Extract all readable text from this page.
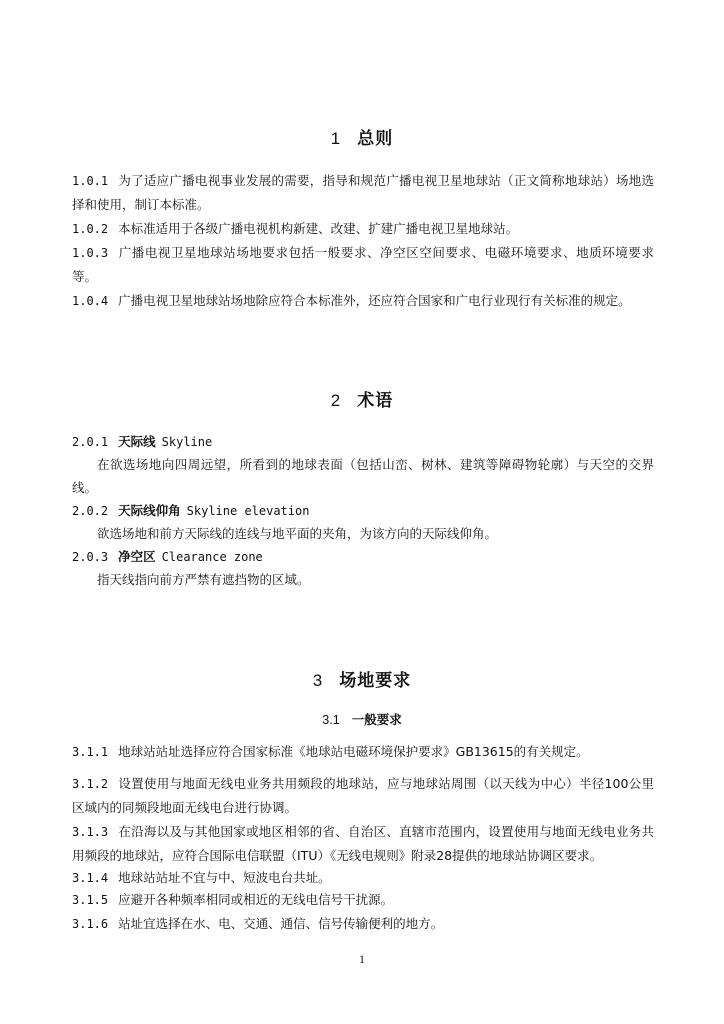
1 总则
1.0.1 为了适应广播电视事业发展的需要，指导和规范广播电视卫星地球站（正文简称地球站）场地选择和使用，制订本标准。
1.0.2 本标准适用于各级广播电视机构新建、改建、扩建广播电视卫星地球站。
1.0.3 广播电视卫星地球站场地要求包括一般要求、净空区空间要求、电磁环境要求、地质环境要求等。
1.0.4 广播电视卫星地球站场地除应符合本标准外，还应符合国家和广电行业现行有关标准的规定。
2 术语
2.0.1 天际线 Skyline
在欲选场地向四周远望，所看到的地球表面（包括山峦、树林、建筑等障碍物轮廓）与天空的交界线。
2.0.2 天际线仰角 Skyline elevation
欲选场地和前方天际线的连线与地平面的夹角，为该方向的天际线仰角。
2.0.3 净空区 Clearance zone
指天线指向前方严禁有遮挡物的区域。
3 场地要求
3.1 一般要求
3.1.1 地球站站址选择应符合国家标准《地球站电磁环境保护要求》GB13615的有关规定。
3.1.2 设置使用与地面无线电业务共用频段的地球站，应与地球站周围（以天线为中心）半径100公里区域内的同频段地面无线电台进行协调。
3.1.3 在沿海以及与其他国家或地区相邻的省、自治区、直辖市范围内，设置使用与地面无线电业务共用频段的地球站，应符合国际电信联盟（ITU）《无线电规则》附录28提供的地球站协调区要求。
3.1.4 地球站站址不宜与中、短波电台共址。
3.1.5 应避开各种频率相同或相近的无线电信号干扰源。
3.1.6 站址宜选择在水、电、交通、通信、信号传输便利的地方。
1
